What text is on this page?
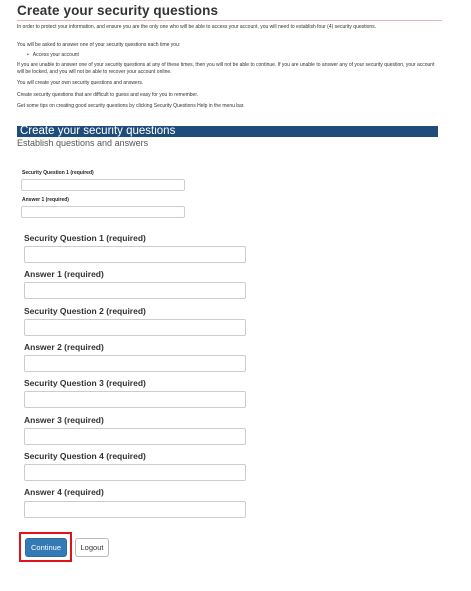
Create your security questions
In order to protect your information, and ensure you are the only one who will be able to access your account, you will need to establish four (4) security questions.
You will be asked to answer one of your security questions each time you:
• Access your account
If you are unable to answer one of your security questions at any of these times, then you will not be able to continue. If you are unable to answer any of your security question, your account will be locked, and you will not be able to recover your account online.
You will create your own security questions and answers.
Create security questions that are difficult to guess and easy for you to remember.
Get some tips on creating good security questions by clicking Security Questions Help in the menu bar.
Create your security questions
Establish questions and answers
Security Question 1 (required)
Answer 1 (required)
Security Question 1 (required)
Answer 1 (required)
Security Question 2 (required)
Answer 2 (required)
Security Question 3 (required)
Answer 3 (required)
Security Question 4 (required)
Answer 4 (required)
Continue	Logout
